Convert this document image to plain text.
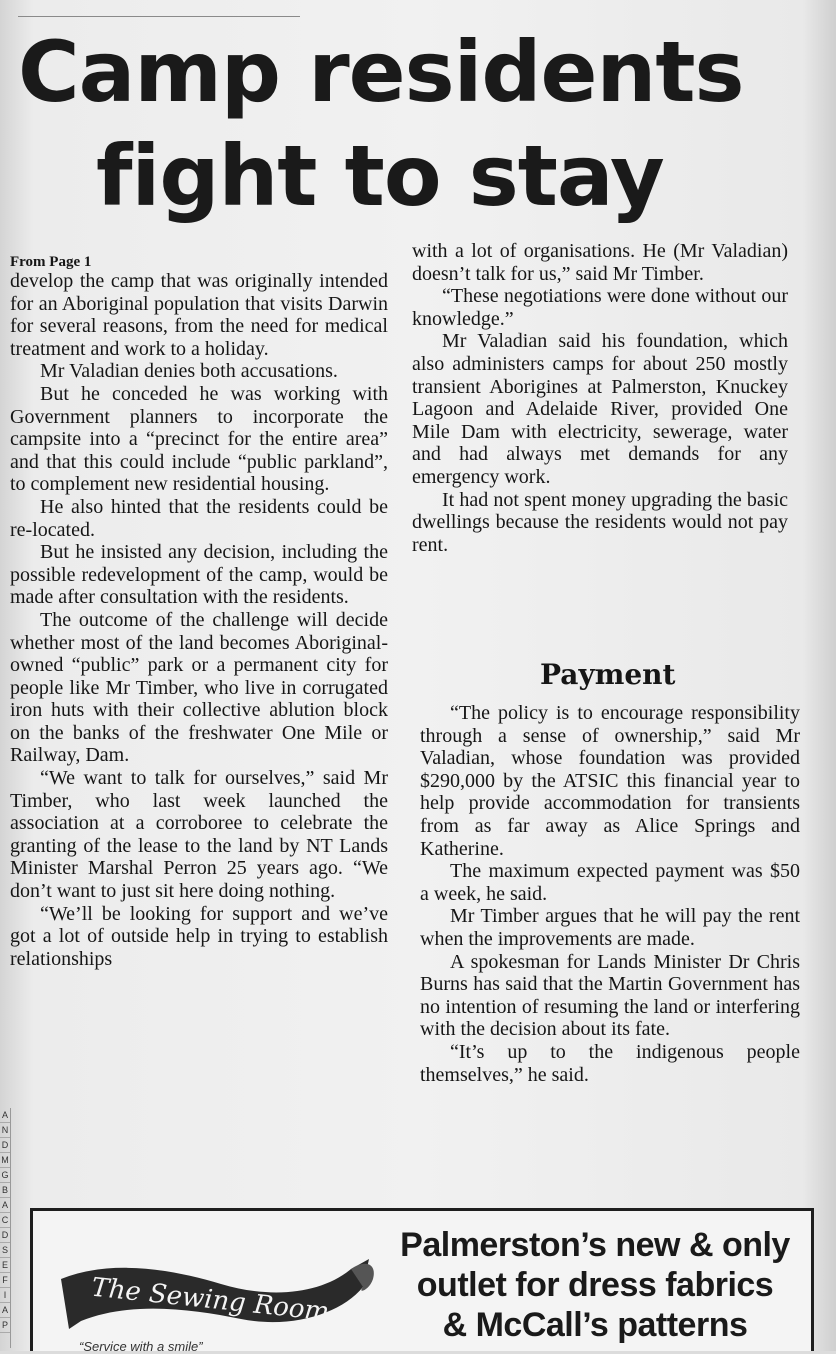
Camp residents
fight to stay
From Page 1

develop the camp that was originally intended for an Aboriginal population that visits Darwin for several reasons, from the need for medical treatment and work to a holiday.

Mr Valadian denies both accusations.

But he conceded he was working with Government planners to incorporate the campsite into a “precinct for the entire area” and that this could include “public parkland”, to complement new residential housing.

He also hinted that the residents could be re-located.

But he insisted any decision, including the possible redevelopment of the camp, would be made after consultation with the residents.

The outcome of the challenge will decide whether most of the land becomes Aboriginal-owned “public” park or a permanent city for people like Mr Timber, who live in corrugated iron huts with their collective ablution block on the banks of the freshwater One Mile or Railway, Dam.

“We want to talk for ourselves,” said Mr Timber, who last week launched the association at a corroboree to celebrate the granting of the lease to the land by NT Lands Minister Marshal Perron 25 years ago. “We don’t want to just sit here doing nothing.

“We’ll be looking for support and we’ve got a lot of outside help in trying to establish relationships

with a lot of organisations. He (Mr Valadian) doesn’t talk for us,” said Mr Timber.

“These negotiations were done without our knowledge.”

Mr Valadian said his foundation, which also administers camps for about 250 mostly transient Aborigines at Palmerston, Knuckey Lagoon and Adelaide River, provided One Mile Dam with electricity, sewerage, water and had always met demands for any emergency work.

It had not spent money upgrading the basic dwellings because the residents would not pay rent.

Payment

“The policy is to encourage responsibility through a sense of ownership,” said Mr Valadian, whose foundation was provided $290,000 by the ATSIC this financial year to help provide accommodation for transients from as far away as Alice Springs and Katherine.

The maximum expected payment was $50 a week, he said.

Mr Timber argues that he will pay the rent when the improvements are made.

A spokesman for Lands Minister Dr Chris Burns has said that the Martin Government has no intention of resuming the land or interfering with the decision about its fate.

“It’s up to the indigenous people themselves,” he said.

A
N
D
M
G
B
A
C
D
S
E
F
I
A
P	The Sewing Room
“Service with a smile”
Palmerston’s new & only
outlet for dress fabrics
& McCall’s patterns
